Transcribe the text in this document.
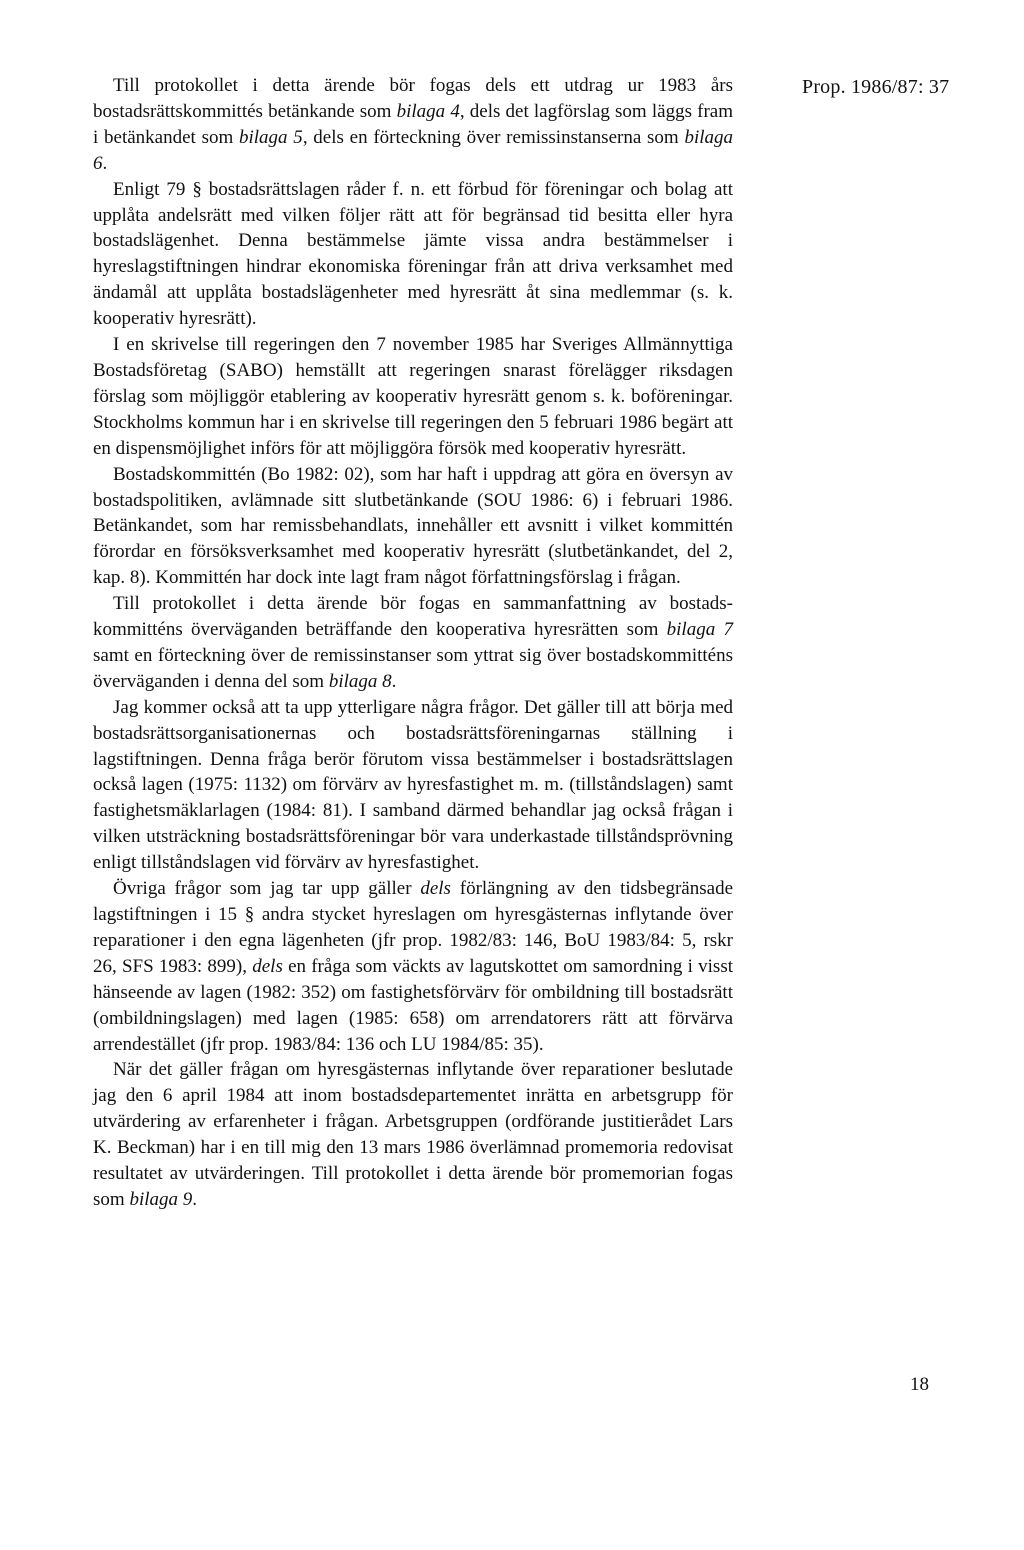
Prop. 1986/87: 37

Till protokollet i detta ärende bör fogas dels ett utdrag ur 1983 års bostadsrättskommittés betänkande som bilaga 4, dels det lagförslag som läggs fram i betänkandet som bilaga 5, dels en förteckning över remissinstanserna som bilaga 6.

Enligt 79 § bostadsrättslagen råder f. n. ett förbud för föreningar och bolag att upplåta andelsrätt med vilken följer rätt att för begränsad tid besitta eller hyra bostadslägenhet. Denna bestämmelse jämte vissa andra bestämmelser i hyreslagstiftningen hindrar ekonomiska föreningar från att driva verksamhet med ändamål att upplåta bostadslägenheter med hyresrätt åt sina medlemmar (s. k. kooperativ hyresrätt).

I en skrivelse till regeringen den 7 november 1985 har Sveriges Allmännyttiga Bostadsföretag (SABO) hemställt att regeringen snarast förelägger riksdagen förslag som möjliggör etablering av kooperativ hyresrätt genom s. k. boföreningar. Stockholms kommun har i en skrivelse till regeringen den 5 februari 1986 begärt att en dispensmöjlighet införs för att möjliggöra försök med kooperativ hyresrätt.

Bostadskommittén (Bo 1982: 02), som har haft i uppdrag att göra en översyn av bostadspolitiken, avlämnade sitt slutbetänkande (SOU 1986: 6) i februari 1986. Betänkandet, som har remissbehandlats, innehåller ett avsnitt i vilket kommittén förordar en försöksverksamhet med kooperativ hyresrätt (slutbetänkandet, del 2, kap. 8). Kommittén har dock inte lagt fram något författningsförslag i frågan.

Till protokollet i detta ärende bör fogas en sammanfattning av bostadskommitténs överväganden beträffande den kooperativa hyresrätten som bilaga 7 samt en förteckning över de remissinstanser som yttrat sig över bostadskommitténs överväganden i denna del som bilaga 8.

Jag kommer också att ta upp ytterligare några frågor. Det gäller till att börja med bostadsrättsorganisationernas och bostadsrättsföreningarnas ställning i lagstiftningen. Denna fråga berör förutom vissa bestämmelser i bostadsrättslagen också lagen (1975: 1132) om förvärv av hyresfastighet m. m. (tillståndslagen) samt fastighetsmäklarlagen (1984: 81). I samband därmed behandlar jag också frågan i vilken utsträckning bostadsrättsföreningar bör vara underkastade tillståndsprövning enligt tillståndslagen vid förvärv av hyresfastighet.

Övriga frågor som jag tar upp gäller dels förlängning av den tidsbegränsade lagstiftningen i 15 § andra stycket hyreslagen om hyresgästernas inflytande över reparationer i den egna lägenheten (jfr prop. 1982/83: 146, BoU 1983/84: 5, rskr 26, SFS 1983: 899), dels en fråga som väckts av lagutskottet om samordning i visst hänseende av lagen (1982: 352) om fastighetsförvärv för ombildning till bostadsrätt (ombildningslagen) med lagen (1985: 658) om arrendatorers rätt att förvärva arrendestället (jfr prop. 1983/84: 136 och LU 1984/85: 35).

När det gäller frågan om hyresgästernas inflytande över reparationer beslutade jag den 6 april 1984 att inom bostadsdepartementet inrätta en arbetsgrupp för utvärdering av erfarenheter i frågan. Arbetsgruppen (ordförande justitierådet Lars K. Beckman) har i en till mig den 13 mars 1986 överlämnad promemoria redovisat resultatet av utvärderingen. Till protokollet i detta ärende bör promemorian fogas som bilaga 9.

18
